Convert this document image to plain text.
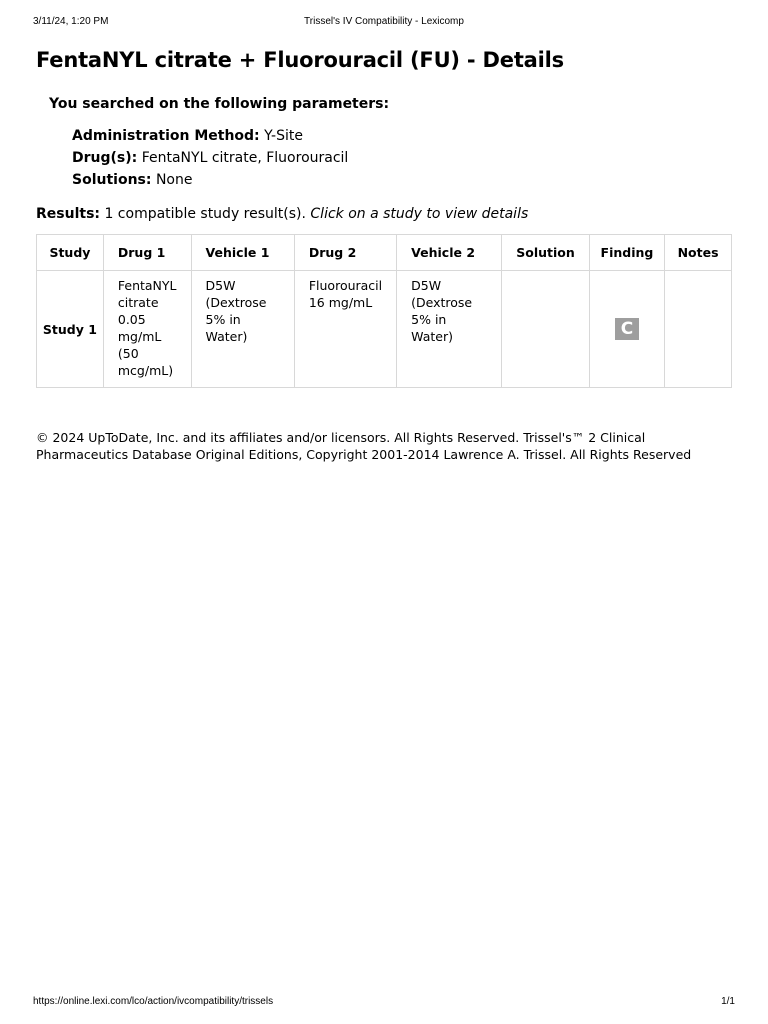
3/11/24, 1:20 PM	Trissel's IV Compatibility - Lexicomp
FentaNYL citrate + Fluorouracil (FU) - Details
You searched on the following parameters:
Administration Method: Y-Site
Drug(s): FentaNYL citrate, Fluorouracil
Solutions: None
Results: 1 compatible study result(s). Click on a study to view details
Study	Drug 1	Vehicle 1	Drug 2	Vehicle 2	Solution	Finding	Notes
Study 1	FentaNYL citrate 0.05 mg/mL (50 mcg/mL)	D5W (Dextrose 5% in Water)	Fluorouracil 16 mg/mL	D5W (Dextrose 5% in Water)		C	

© 2024 UpToDate, Inc. and its affiliates and/or licensors. All Rights Reserved. Trissel's™ 2 Clinical Pharmaceutics Database Original Editions, Copyright 2001-2014 Lawrence A. Trissel. All Rights Reserved

https://online.lexi.com/lco/action/ivcompatibility/trissels	1/1
